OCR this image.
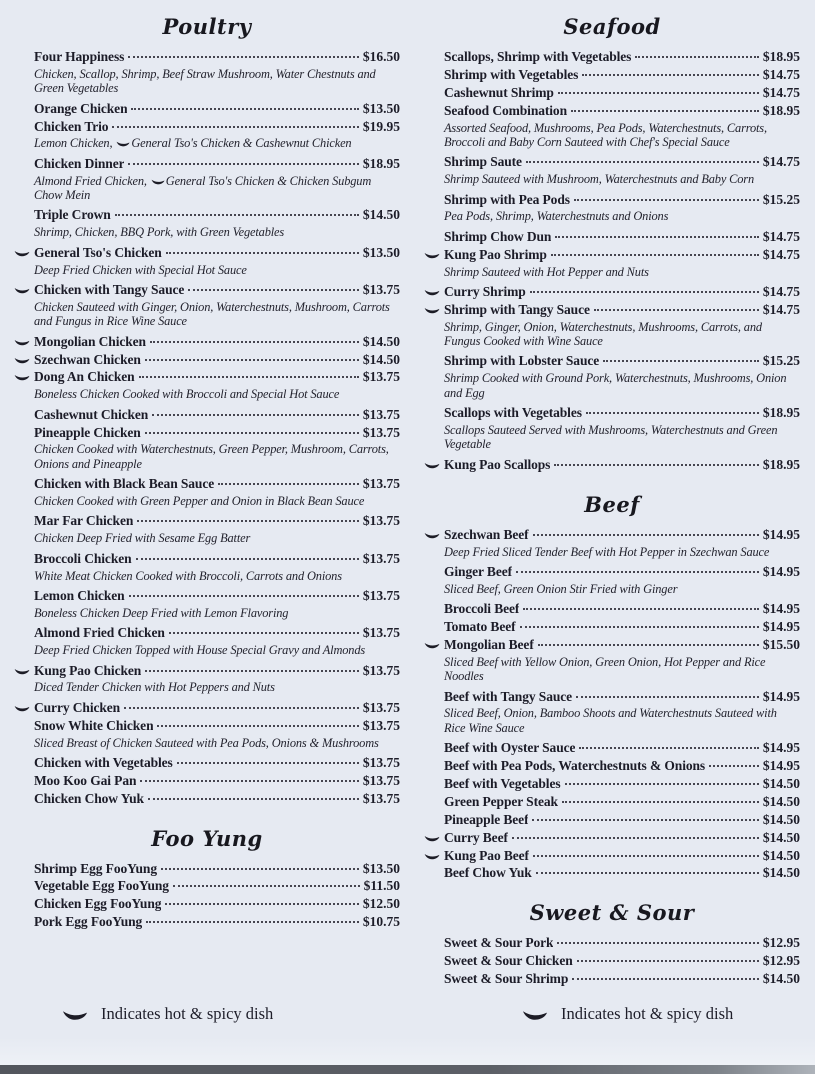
Poultry
Four Happiness	$16.50
Chicken, Scallop, Shrimp, Beef Straw Mushroom, Water Chestnuts and Green Vegetables
Orange Chicken	$13.50
Chicken Trio	$19.95
Lemon Chicken,
General Tso's Chicken & Cashewnut Chicken
Chicken Dinner	$18.95
Almond Fried Chicken,
General Tso's Chicken & Chicken Subgum Chow Mein
Triple Crown	$14.50
Shrimp, Chicken, BBQ Pork, with Green Vegetables
General Tso's Chicken	$13.50
Deep Fried Chicken with Special Hot Sauce
Chicken with Tangy Sauce	$13.75
Chicken Sauteed with Ginger, Onion, Waterchestnuts, Mushroom, Carrots and Fungus in Rice Wine Sauce
Mongolian Chicken	$14.50
Szechwan Chicken	$14.50
Dong An Chicken	$13.75
Boneless Chicken Cooked with Broccoli and Special Hot Sauce
Cashewnut Chicken	$13.75
Pineapple Chicken	$13.75
Chicken Cooked with Waterchestnuts, Green Pepper, Mushroom, Carrots, Onions and Pineapple
Chicken with Black Bean Sauce	$13.75
Chicken Cooked with Green Pepper and Onion in Black Bean Sauce
Mar Far Chicken	$13.75
Chicken Deep Fried with Sesame Egg Batter
Broccoli Chicken	$13.75
White Meat Chicken Cooked with Broccoli, Carrots and Onions
Lemon Chicken	$13.75
Boneless Chicken Deep Fried with Lemon Flavoring
Almond Fried Chicken	$13.75
Deep Fried Chicken Topped with House Special Gravy and Almonds
Kung Pao Chicken	$13.75
Diced Tender Chicken with Hot Peppers and Nuts
Curry Chicken	$13.75
Snow White Chicken	$13.75
Sliced Breast of Chicken Sauteed with Pea Pods, Onions & Mushrooms
Chicken with Vegetables	$13.75
Moo Koo Gai Pan	$13.75
Chicken Chow Yuk	$13.75
Foo Yung
Shrimp Egg FooYung	$13.50
Vegetable Egg FooYung	$11.50
Chicken Egg FooYung	$12.50
Pork Egg FooYung	$10.75
Seafood
Scallops, Shrimp with Vegetables	$18.95
Shrimp with Vegetables	$14.75
Cashewnut Shrimp	$14.75
Seafood Combination	$18.95
Assorted Seafood, Mushrooms, Pea Pods, Waterchestnuts, Carrots, Broccoli and Baby Corn Sauteed with Chef's Special Sauce
Shrimp Saute	$14.75
Shrimp Sauteed with Mushroom, Waterchestnuts and Baby Corn
Shrimp with Pea Pods	$15.25
Pea Pods, Shrimp, Waterchestnuts and Onions
Shrimp Chow Dun	$14.75
Kung Pao Shrimp	$14.75
Shrimp Sauteed with Hot Pepper and Nuts
Curry Shrimp	$14.75
Shrimp with Tangy Sauce	$14.75
Shrimp, Ginger, Onion, Waterchestnuts, Mushrooms, Carrots, and Fungus Cooked with Wine Sauce
Shrimp with Lobster Sauce	$15.25
Shrimp Cooked with Ground Pork, Waterchestnuts, Mushrooms, Onion and Egg
Scallops with Vegetables	$18.95
Scallops Sauteed Served with Mushrooms, Waterchestnuts and Green Vegetable
Kung Pao Scallops	$18.95
Beef
Szechwan Beef	$14.95
Deep Fried Sliced Tender Beef with Hot Pepper in Szechwan Sauce
Ginger Beef	$14.95
Sliced Beef, Green Onion Stir Fried with Ginger
Broccoli Beef	$14.95
Tomato Beef	$14.95
Mongolian Beef	$15.50
Sliced Beef with Yellow Onion, Green Onion, Hot Pepper and Rice Noodles
Beef with Tangy Sauce	$14.95
Sliced Beef, Onion, Bamboo Shoots and Waterchestnuts Sauteed with Rice Wine Sauce
Beef with Oyster Sauce	$14.95
Beef with Pea Pods, Waterchestnuts & Onions	$14.95
Beef with Vegetables	$14.50
Green Pepper Steak	$14.50
Pineapple Beef	$14.50
Curry Beef	$14.50
Kung Pao Beef	$14.50
Beef Chow Yuk	$14.50
Sweet & Sour
Sweet & Sour Pork	$12.95
Sweet & Sour Chicken	$12.95
Sweet & Sour Shrimp	$14.50
Indicates hot & spicy dish	Indicates hot & spicy dish
